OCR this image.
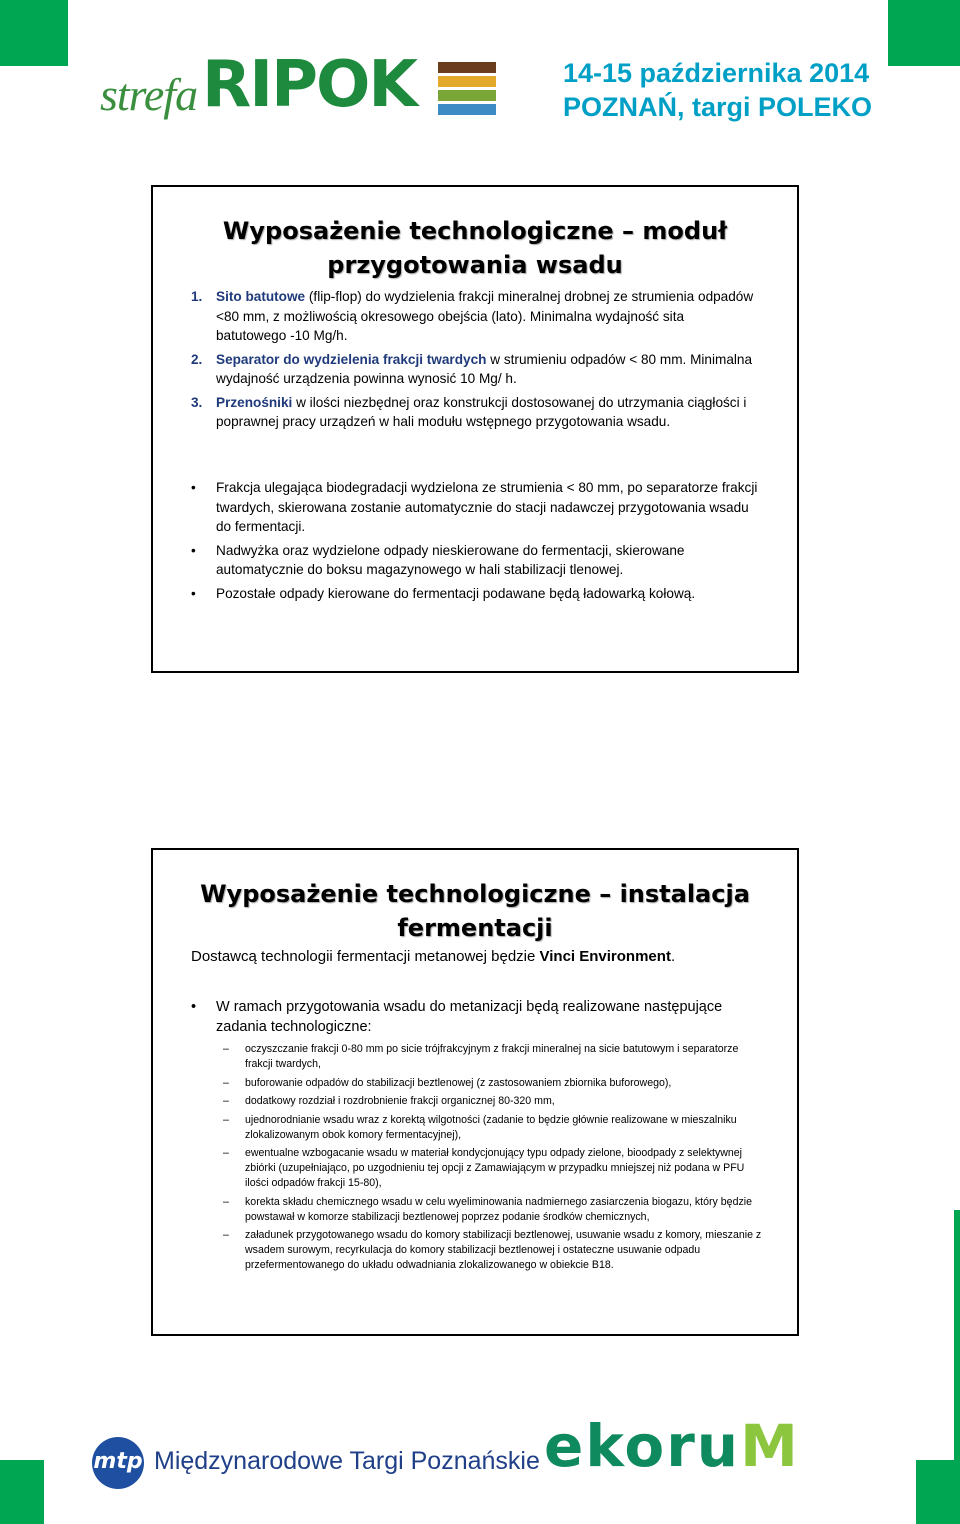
strefa RIPOK	14-15 października 2014
POZNAŃ, targi POLEKO
Wyposażenie technologiczne – moduł
przygotowania wsadu
1. Sito batutowe (flip-flop) do wydzielenia frakcji mineralnej drobnej ze strumienia odpadów <80 mm, z możliwością okresowego obejścia (lato). Minimalna wydajność sita batutowego -10 Mg/h.
2. Separator do wydzielenia frakcji twardych w strumieniu odpadów < 80 mm. Minimalna wydajność urządzenia powinna wynosić 10 Mg/ h.
3. Przenośniki w ilości niezbędnej oraz konstrukcji dostosowanej do utrzymania ciągłości i poprawnej pracy urządzeń w hali modułu wstępnego przygotowania wsadu.
• Frakcja ulegająca biodegradacji wydzielona ze strumienia < 80 mm, po separatorze frakcji twardych, skierowana zostanie automatycznie do stacji nadawczej przygotowania wsadu do fermentacji.
• Nadwyżka oraz wydzielone odpady nieskierowane do fermentacji, skierowane automatycznie do boksu magazynowego w hali stabilizacji tlenowej.
• Pozostałe odpady kierowane do fermentacji podawane będą ładowarką kołową.
Wyposażenie technologiczne – instalacja
fermentacji
Dostawcą technologii fermentacji metanowej będzie Vinci Environment.
• W ramach przygotowania wsadu do metanizacji będą realizowane następujące zadania technologiczne:
– oczyszczanie frakcji 0-80 mm po sicie trójfrakcyjnym z frakcji mineralnej na sicie batutowym i separatorze frakcji twardych,
– buforowanie odpadów do stabilizacji beztlenowej (z zastosowaniem zbiornika buforowego),
– dodatkowy rozdział i rozdrobnienie frakcji organicznej 80-320 mm,
– ujednorodnianie wsadu wraz z korektą wilgotności (zadanie to będzie głównie realizowane w mieszalniku zlokalizowanym obok komory fermentacyjnej),
– ewentualne wzbogacanie wsadu w materiał kondycjonujący typu odpady zielone, bioodpady z selektywnej zbiórki (uzupełniająco, po uzgodnieniu tej opcji z Zamawiającym w przypadku mniejszej niż podana w PFU ilości odpadów frakcji 15-80),
– korekta składu chemicznego wsadu w celu wyeliminowania nadmiernego zasiarczenia biogazu, który będzie powstawał w komorze stabilizacji beztlenowej poprzez podanie środków chemicznych,
– załadunek przygotowanego wsadu do komory stabilizacji beztlenowej, usuwanie wsadu z komory, mieszanie z wsadem surowym, recyrkulacja do komory stabilizacji beztlenowej i ostateczne usuwanie odpadu przefermentowanego do układu odwadniania zlokalizowanego w obiekcie B18.
mtp Międzynarodowe Targi Poznańskie ekoruM
